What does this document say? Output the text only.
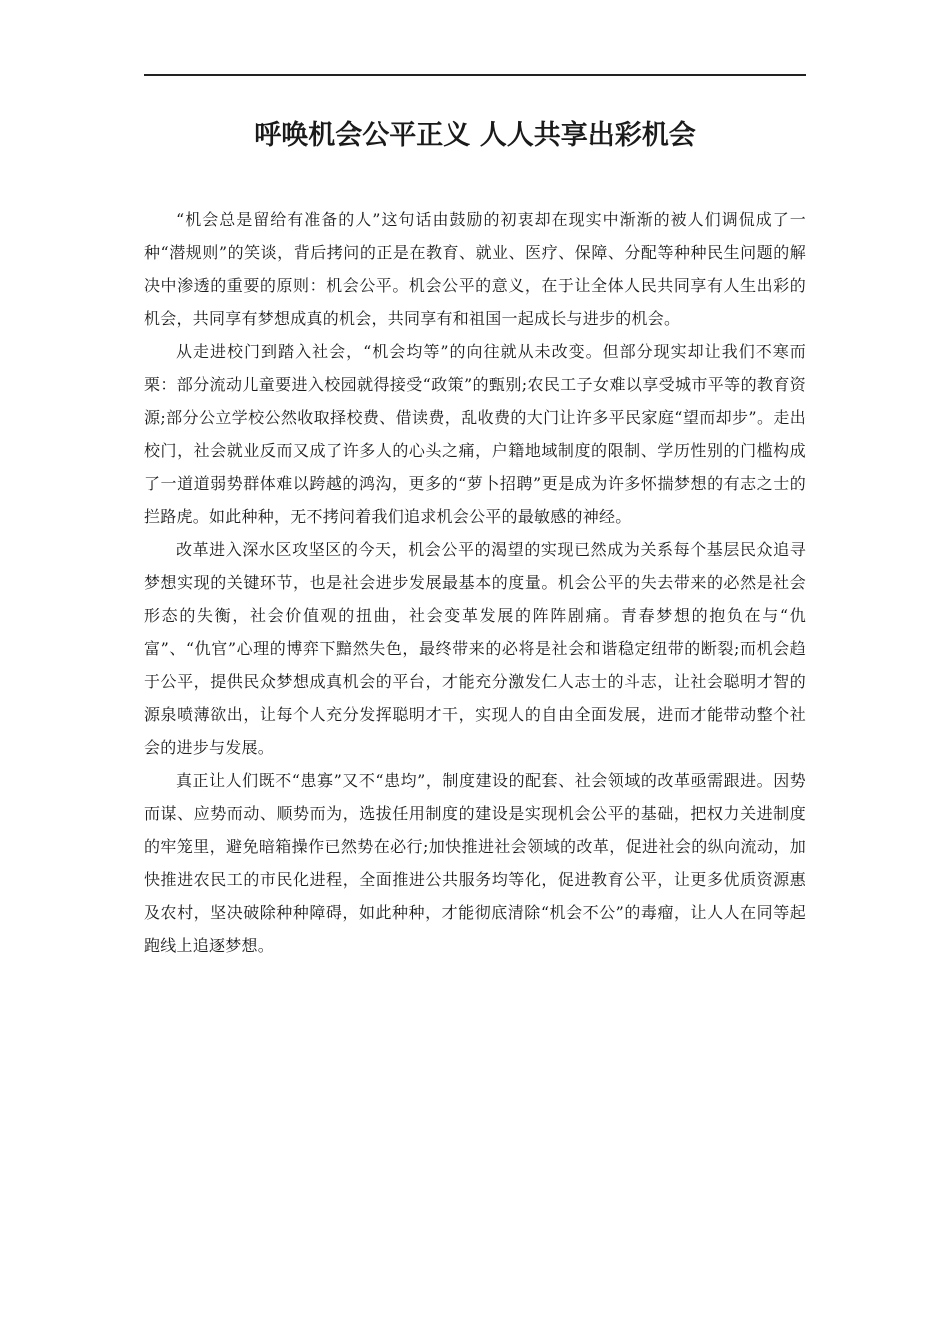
呼唤机会公平正义 人人共享出彩机会

“机会总是留给有准备的人”这句话由鼓励的初衷却在现实中渐渐的被人们调侃成了一种“潜规则”的笑谈，背后拷问的正是在教育、就业、医疗、保障、分配等种种民生问题的解决中渗透的重要的原则：机会公平。机会公平的意义，在于让全体人民共同享有人生出彩的机会，共同享有梦想成真的机会，共同享有和祖国一起成长与进步的机会。

从走进校门到踏入社会，“机会均等”的向往就从未改变。但部分现实却让我们不寒而栗：部分流动儿童要进入校园就得接受“政策”的甄别;农民工子女难以享受城市平等的教育资源;部分公立学校公然收取择校费、借读费，乱收费的大门让许多平民家庭“望而却步”。走出校门，社会就业反而又成了许多人的心头之痛，户籍地域制度的限制、学历性别的门槛构成了一道道弱势群体难以跨越的鸿沟，更多的“萝卜招聘”更是成为许多怀揣梦想的有志之士的拦路虎。如此种种，无不拷问着我们追求机会公平的最敏感的神经。

改革进入深水区攻坚区的今天，机会公平的渴望的实现已然成为关系每个基层民众追寻梦想实现的关键环节，也是社会进步发展最基本的度量。机会公平的失去带来的必然是社会形态的失衡，社会价值观的扭曲，社会变革发展的阵阵剧痛。青春梦想的抱负在与“仇富”、“仇官”心理的博弈下黯然失色，最终带来的必将是社会和谐稳定纽带的断裂;而机会趋于公平，提供民众梦想成真机会的平台，才能充分激发仁人志士的斗志，让社会聪明才智的源泉喷薄欲出，让每个人充分发挥聪明才干，实现人的自由全面发展，进而才能带动整个社会的进步与发展。

真正让人们既不“患寡”又不“患均”，制度建设的配套、社会领域的改革亟需跟进。因势而谋、应势而动、顺势而为，选拔任用制度的建设是实现机会公平的基础，把权力关进制度的牢笼里，避免暗箱操作已然势在必行;加快推进社会领域的改革，促进社会的纵向流动，加快推进农民工的市民化进程，全面推进公共服务均等化，促进教育公平，让更多优质资源惠及农村，坚决破除种种障碍，如此种种，才能彻底清除“机会不公”的毒瘤，让人人在同等起跑线上追逐梦想。
